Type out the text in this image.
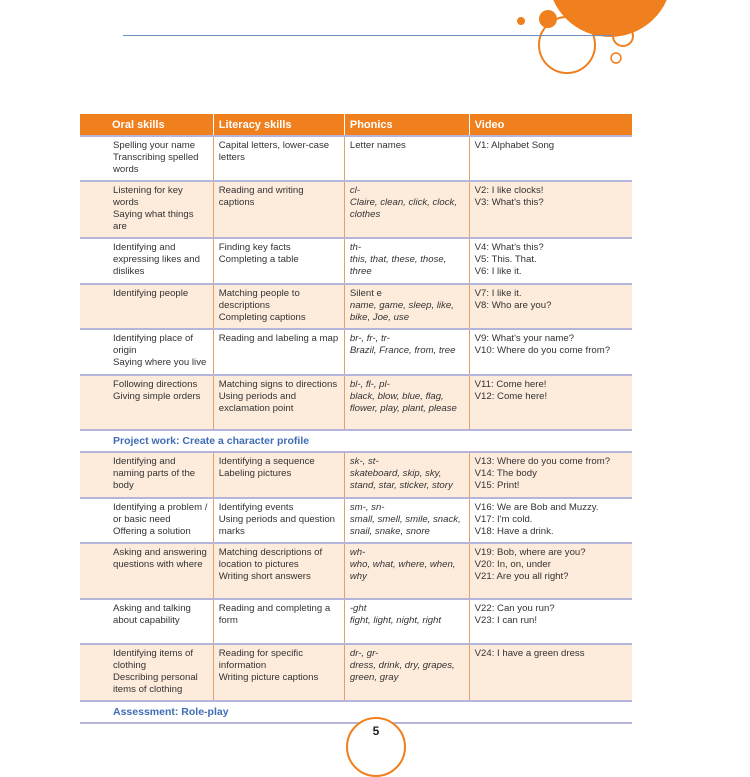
Oral skills	Literacy skills	Phonics	Video

Spelling your name
Transcribing spelled words	Capital letters, lower-case letters	Letter names	V1: Alphabet Song

Listening for key words
Saying what things are	Reading and writing captions	cl-
Claire, clean, click, clock, clothes	V2: I like clocks!
V3: What's this?

Identifying and expressing likes and dislikes	Finding key facts
Completing a table	th-
this, that, these, those, three	V4: What's this?
V5: This. That.
V6: I like it.

Identifying people	Matching people to descriptions
Completing captions	Silent e
name, game, sleep, like, bike, Joe, use	V7: I like it.
V8: Who are you?

Identifying place of origin
Saying where you live	Reading and labeling a map	br-, fr-, tr-
Brazil, France, from, tree	V9: What's your name?
V10: Where do you come from?

Following directions
Giving simple orders	Matching signs to directions
Using periods and exclamation point	bl-, fl-, pl-
black, blow, blue, flag, flower, play, plant, please	V11: Come here!
V12: Come here!

Project work: Create a character profile			

Identifying and naming parts of the body	Identifying a sequence
Labeling pictures	sk-, st-
skateboard, skip, sky, stand, star, sticker, story	V13: Where do you come from?
V14: The body
V15: Print!

Identifying a problem / or basic need
Offering a solution	Identifying events
Using periods and question marks	sm-, sn-
small, smell, smile, snack, snail, snake, snore	V16: We are Bob and Muzzy.
V17: I'm cold.
V18: Have a drink.

Asking and answering questions with where	Matching descriptions of location to pictures
Writing short answers	wh-
who, what, where, when, why	V19: Bob, where are you?
V20: In, on, under
V21: Are you all right?

Asking and talking about capability	Reading and completing a form	-ght
fight, light, night, right	V22: Can you run?
V23: I can run!

Identifying items of clothing
Describing personal items of clothing	Reading for specific information
Writing picture captions	dr-, gr-
dress, drink, dry, grapes, green, gray	V24: I have a green dress

Assessment: Role-play			
5
